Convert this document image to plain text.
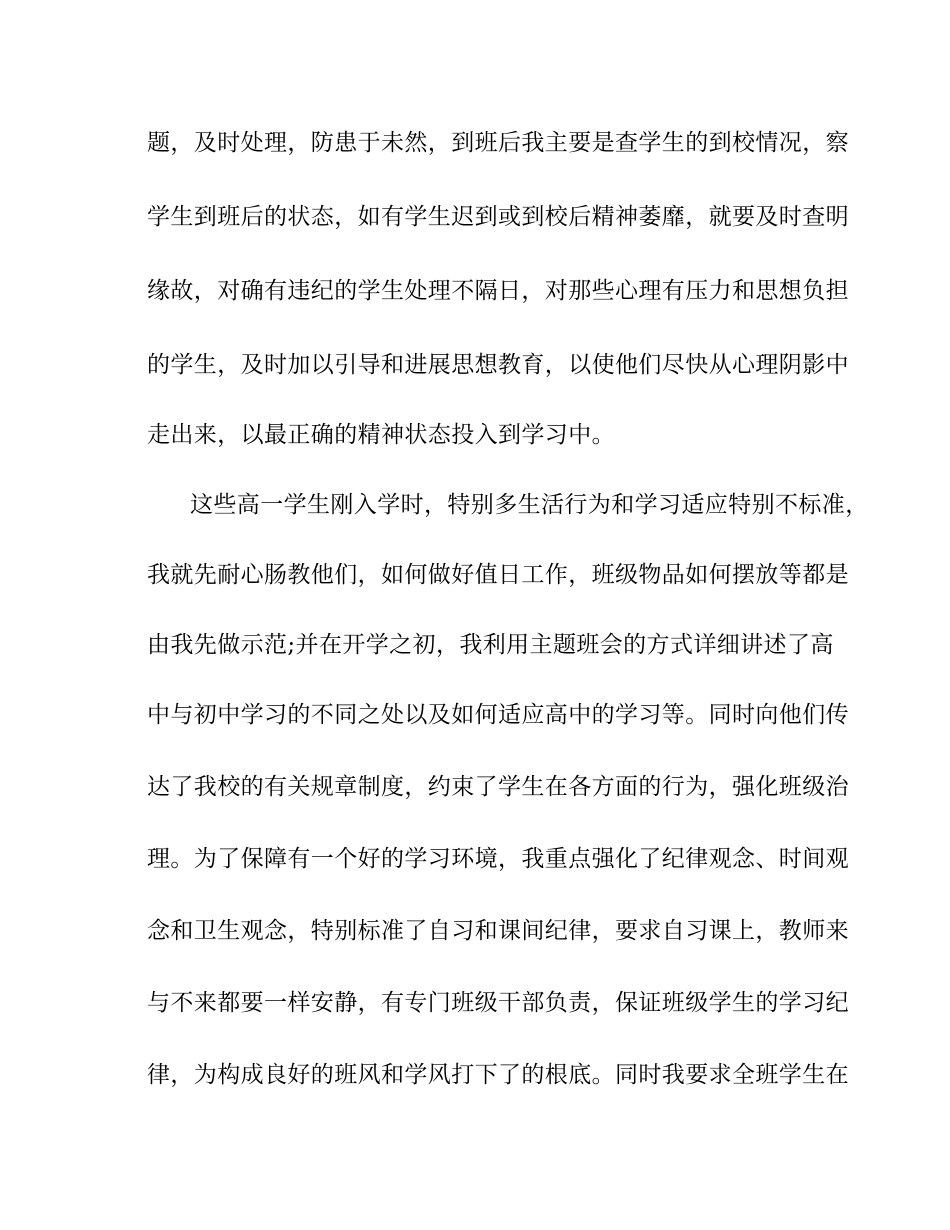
题，及时处理，防患于未然，到班后我主要是查学生的到校情况，察

学生到班后的状态，如有学生迟到或到校后精神萎靡，就要及时查明

缘故，对确有违纪的学生处理不隔日，对那些心理有压力和思想负担

的学生，及时加以引导和进展思想教育，以使他们尽快从心理阴影中

走出来，以最正确的精神状态投入到学习中。

这些高一学生刚入学时，特别多生活行为和学习适应特别不标准，

我就先耐心肠教他们，如何做好值日工作，班级物品如何摆放等都是

由我先做示范;并在开学之初，我利用主题班会的方式详细讲述了高

中与初中学习的不同之处以及如何适应高中的学习等。同时向他们传

达了我校的有关规章制度，约束了学生在各方面的行为，强化班级治

理。为了保障有一个好的学习环境，我重点强化了纪律观念、时间观

念和卫生观念，特别标准了自习和课间纪律，要求自习课上，教师来

与不来都要一样安静，有专门班级干部负责，保证班级学生的学习纪

律，为构成良好的班风和学风打下了的根底。同时我要求全班学生在
